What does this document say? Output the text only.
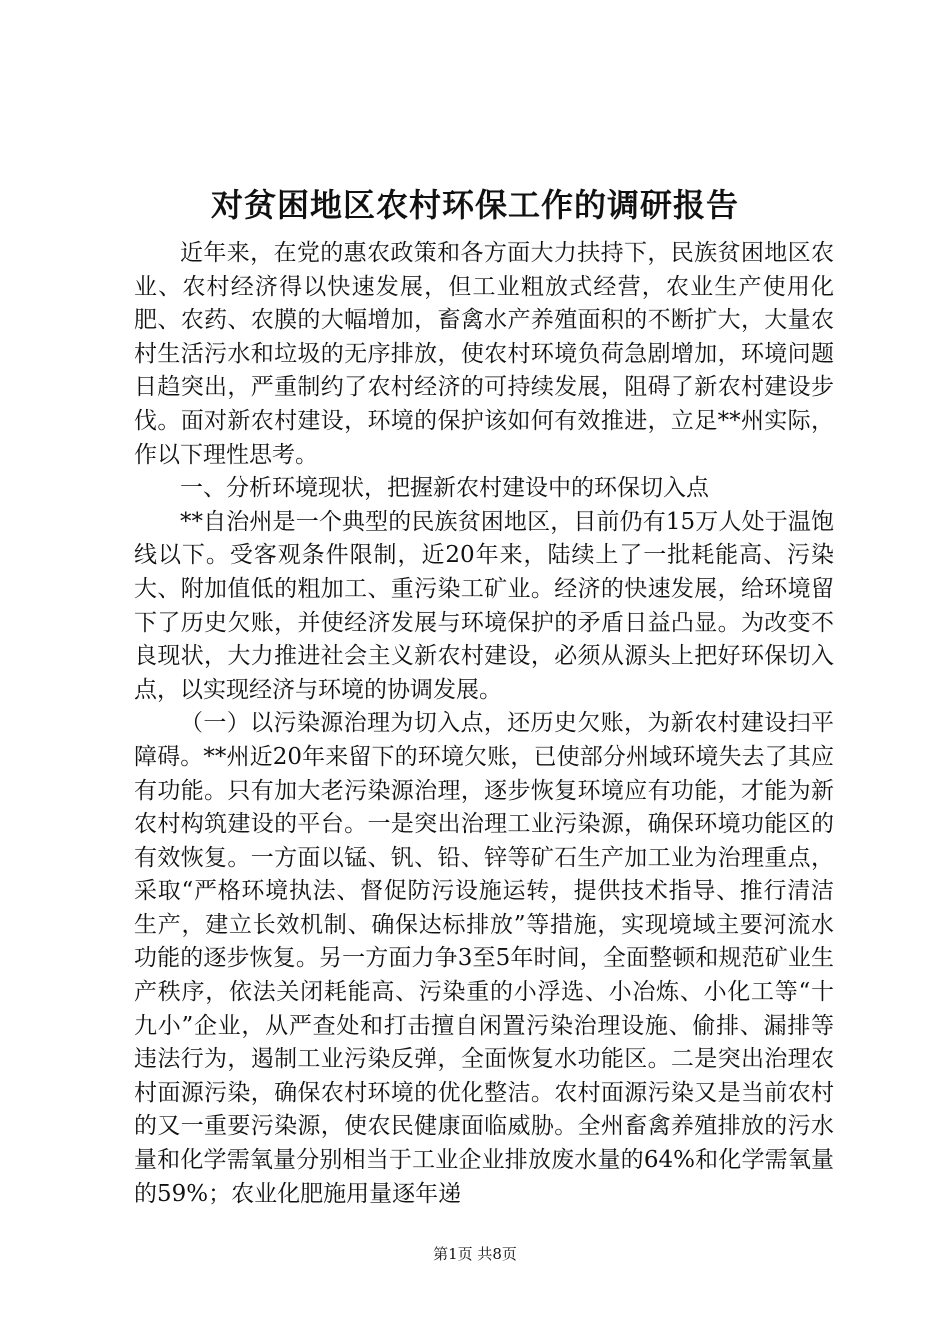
对贫困地区农村环保工作的调研报告

近年来，在党的惠农政策和各方面大力扶持下，民族贫困地区农业、农村经济得以快速发展，但工业粗放式经营，农业生产使用化肥、农药、农膜的大幅增加，畜禽水产养殖面积的不断扩大，大量农村生活污水和垃圾的无序排放，使农村环境负荷急剧增加，环境问题日趋突出，严重制约了农村经济的可持续发展，阻碍了新农村建设步伐。面对新农村建设，环境的保护该如何有效推进，立足**州实际，作以下理性思考。

一、分析环境现状，把握新农村建设中的环保切入点

**自治州是一个典型的民族贫困地区，目前仍有15万人处于温饱线以下。受客观条件限制，近20年来，陆续上了一批耗能高、污染大、附加值低的粗加工、重污染工矿业。经济的快速发展，给环境留下了历史欠账，并使经济发展与环境保护的矛盾日益凸显。为改变不良现状，大力推进社会主义新农村建设，必须从源头上把好环保切入点，以实现经济与环境的协调发展。

（一）以污染源治理为切入点，还历史欠账，为新农村建设扫平障碍。**州近20年来留下的环境欠账，已使部分州域环境失去了其应有功能。只有加大老污染源治理，逐步恢复环境应有功能，才能为新农村构筑建设的平台。一是突出治理工业污染源，确保环境功能区的有效恢复。一方面以锰、钒、铅、锌等矿石生产加工业为治理重点，采取“严格环境执法、督促防污设施运转，提供技术指导、推行清洁生产，建立长效机制、确保达标排放”等措施，实现境域主要河流水功能的逐步恢复。另一方面力争3至5年时间，全面整顿和规范矿业生产秩序，依法关闭耗能高、污染重的小浮选、小冶炼、小化工等“十九小”企业，从严查处和打击擅自闲置污染治理设施、偷排、漏排等违法行为，遏制工业污染反弹，全面恢复水功能区。二是突出治理农村面源污染，确保农村环境的优化整洁。农村面源污染又是当前农村的又一重要污染源，使农民健康面临威胁。全州畜禽养殖排放的污水量和化学需氧量分别相当于工业企业排放废水量的64%和化学需氧量的59%；农业化肥施用量逐年递

第1页 共8页
